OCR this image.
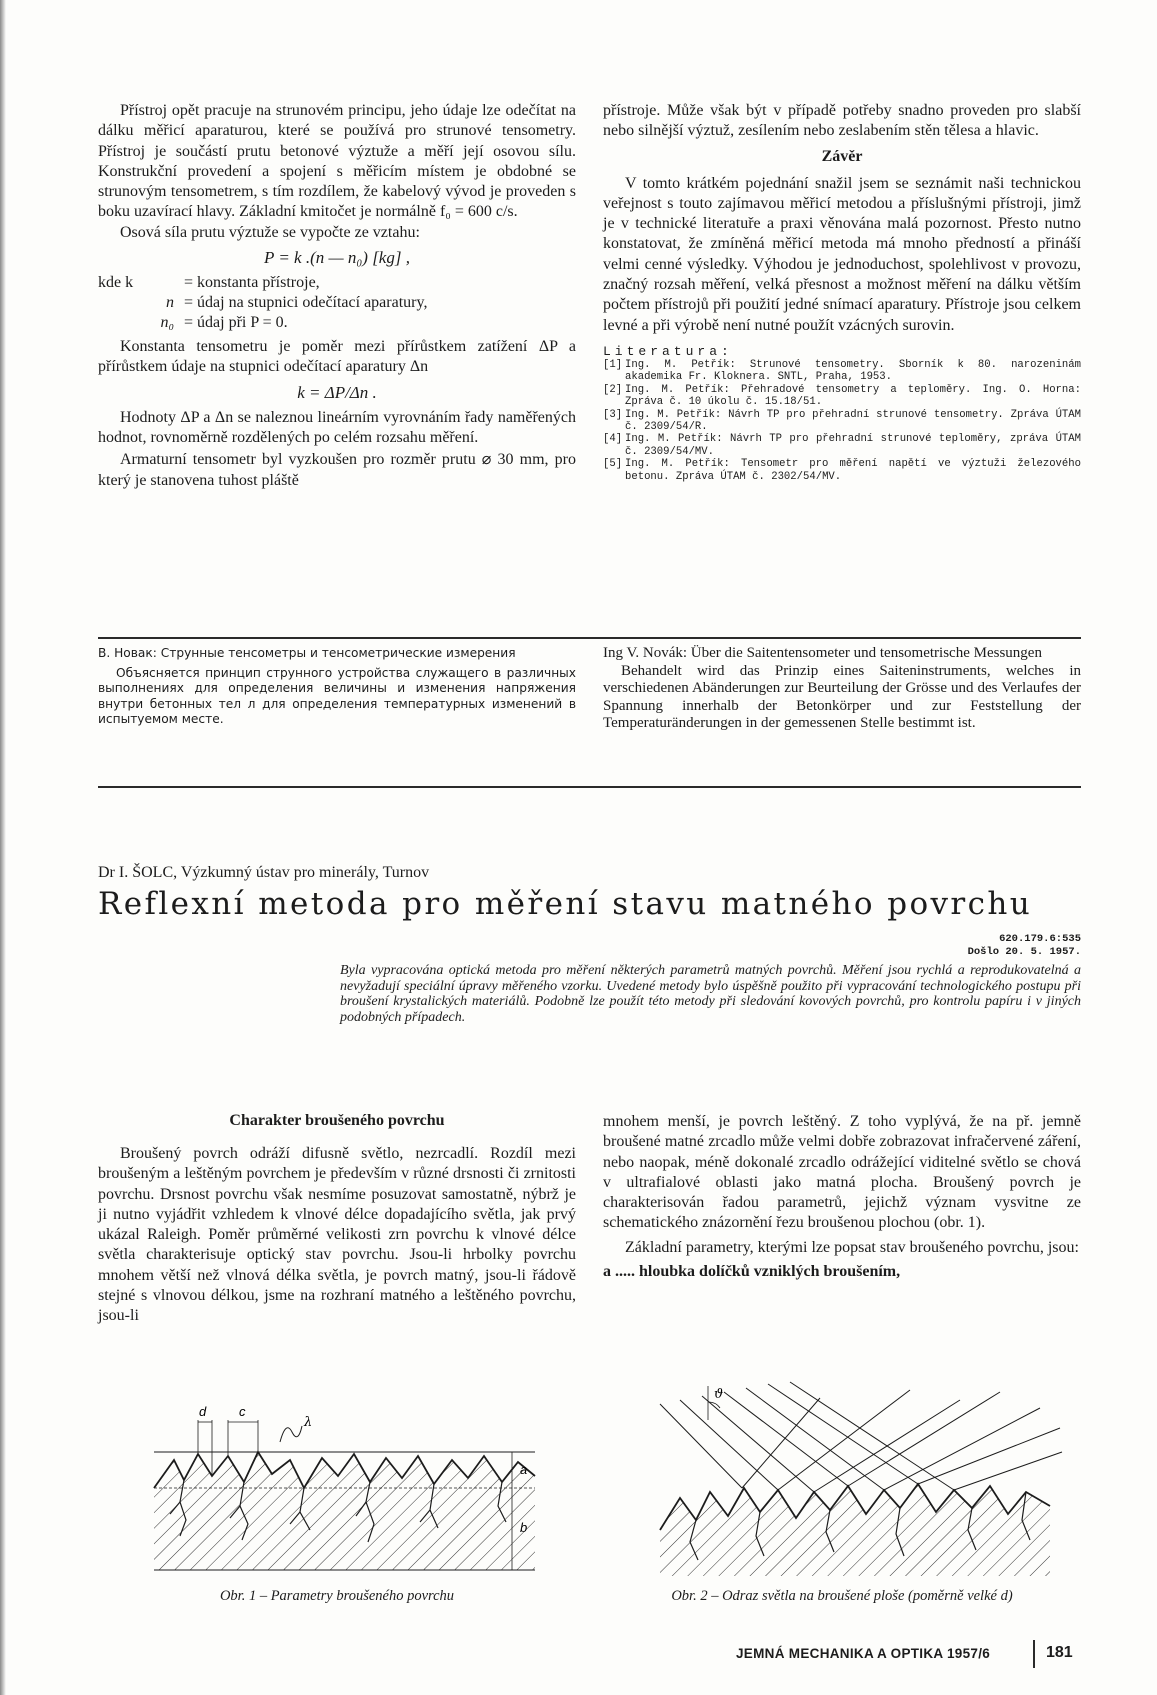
Přístroj opět pracuje na strunovém principu, jeho údaje lze odečítat na dálku měřicí aparaturou, které se používá pro strunové tensometry. Přístroj je součástí prutu betonové výztuže a měří její osovou sílu. Konstrukční provedení a spojení s měřicím místem je obdobné se strunovým tensometrem, s tím rozdílem, že kabelový vývod je proveden s boku uzavírací hlavy. Základní kmitočet je normálně f₀ = 600 c/s.

Osová síla prutu výztuže se vypočte ze vztahu:

P = k .(n — n₀) [kg] ,
kde k	= konstanta přístroje,
n = údaj na stupnici odečítací aparatury,
n₀ = údaj při P = 0.

Konstanta tensometru je poměr mezi přírůstkem zatížení ΔP a přírůstkem údaje na stupnici odečítací aparatury Δn

k = ΔP/Δn .

Hodnoty ΔP a Δn se naleznou lineárním vyrovnáním řady naměřených hodnot, rovnoměrně rozdělených po celém rozsahu měření.

Armaturní tensometr byl vyzkoušen pro rozměr prutu ⌀ 30 mm, pro který je stanovena tuhost pláště

přístroje. Může však být v případě potřeby snadno proveden pro slabší nebo silnější výztuž, zesílením nebo zeslabením stěn tělesa a hlavic.

Závěr

V tomto krátkém pojednání snažil jsem se seznámit naši technickou veřejnost s touto zajímavou měřicí metodou a příslušnými přístroji, jimž je v technické literatuře a praxi věnována malá pozornost. Přesto nutno konstatovat, že zmíněná měřicí metoda má mnoho předností a přináší velmi cenné výsledky. Výhodou je jednoduchost, spolehlivost v provozu, značný rozsah měření, velká přesnost a možnost měření na dálku větším počtem přístrojů při použití jedné snímací aparatury. Přístroje jsou celkem levné a při výrobě není nutné použít vzácných surovin.

Literatura:
[1] Ing. M. Petřík: Strunové tensometry. Sborník k 80. narozeninám akademika Fr. Kloknera. SNTL, Praha, 1953.
[2] Ing. M. Petřík: Přehradové tensometry a teploměry. Ing. O. Horna: Zpráva č. 10 úkolu č. 15.18/51.
[3] Ing. M. Petřík: Návrh TP pro přehradní strunové tensometry. Zpráva ÚTAM č. 2309/54/R.
[4] Ing. M. Petřík: Návrh TP pro přehradní strunové teploměry, zpráva ÚTAM č. 2309/54/MV.
[5] Ing. M. Petřík: Tensometr pro měření napětí ve výztuži železového betonu. Zpráva ÚTAM č. 2302/54/MV.
В. Новак: Струнные тенсометры и тенсометрические измерения
Объясняется принцип струнного устройства служащего в различных выполнениях для определения величины и изменения напряжения внутри бетонных тел л для определения температурных изменений в испытуемом месте.
Ing V. Novák: Über die Saitentensometer und tensometrische Messungen
Behandelt wird das Prinzip eines Saiteninstruments, welches in verschiedenen Abänderungen zur Beurteilung der Grösse und des Verlaufes der Spannung innerhalb der Betonkörper und zur Feststellung der Temperaturänderungen in der gemessenen Stelle bestimmt ist.
Dr I. ŠOLC, Výzkumný ústav pro minerály, Turnov
Reflexní metoda pro měření stavu matného povrchu
620.179.6:535
Došlo 20. 5. 1957.
Byla vypracována optická metoda pro měření některých parametrů matných povrchů. Měření jsou rychlá a reprodukovatelná a nevyžadují speciální úpravy měřeného vzorku. Uvedené metody bylo úspěšně použito při vypracování technologického postupu při broušení krystalických materiálů. Podobně lze použít této metody při sledování kovových povrchů, pro kontrolu papíru i v jiných podobných případech.
Charakter broušeného povrchu

Broušený povrch odráží difusně světlo, nezrcadlí. Rozdíl mezi broušeným a leštěným povrchem je především v různé drsnosti či zrnitosti povrchu. Drsnost povrchu však nesmíme posuzovat samostatně, nýbrž je ji nutno vyjádřit vzhledem k vlnové délce dopadajícího světla, jak prvý ukázal Raleigh. Poměr průměrné velikosti zrn povrchu k vlnové délce světla charakterisuje optický stav povrchu. Jsou-li hrbolky povrchu mnohem větší než vlnová délka světla, je povrch matný, jsou-li řádově stejné s vlnovou délkou, jsme na rozhraní matného a leštěného povrchu, jsou-li

mnohem menší, je povrch leštěný. Z toho vyplývá, že na př. jemně broušené matné zrcadlo může velmi dobře zobrazovat infračervené záření, nebo naopak, méně dokonalé zrcadlo odrážející viditelné světlo se chová v ultrafialové oblasti jako matná plocha. Broušený povrch je charakterisován řadou parametrů, jejichž význam vysvitne ze schematického znázornění řezu broušenou plochou (obr. 1).

Základní parametry, kterými lze popsat stav broušeného povrchu, jsou:

a ..... hloubka dolíčků vzniklých broušením,

d	c
λ
a
b
Obr. 1 – Parametry broušeného povrchu
ϑ
Obr. 2 – Odraz světla na broušené ploše (poměrně velké d)
JEMNÁ MECHANIKA A OPTIKA 1957/6	181
